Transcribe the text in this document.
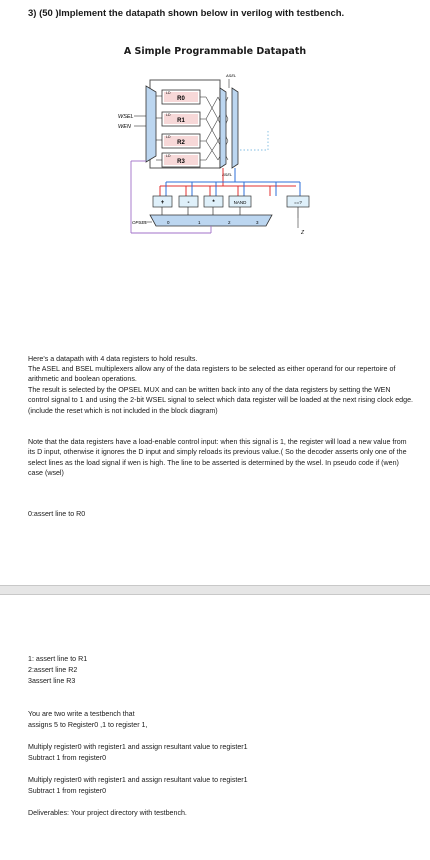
3) (50 )Implement the datapath shown below in verilog with testbench.
A Simple Programmable Datapath
R0
LD
R1
LD
R2
LD
R3
LD
WSEL
WEN
ASEL
BSEL
+	-	*	NAND	==?
0	1	2	3
OPSEL
Z

Here's a datapath with 4 data registers to hold results.

The ASEL and BSEL multiplexers allow any of the data registers to be selected as either operand for our repertoire of arithmetic and boolean operations.

The result is selected by the OPSEL MUX and can be written back into any of the data registers by setting the WEN control signal to 1 and using the 2-bit WSEL signal to select which data register will be loaded at the next rising clock edge.(include the reset which is not included in the block diagram)

Note that the data registers have a load-enable control input: when this signal is 1, the register will load a new value from its D input, otherwise it ignores the D input and simply reloads its previous value.( So the decoder asserts only one of the select lines as the load signal if wen is high. The line to be asserted is determined by the wsel. In pseudo code if (wen) case (wsel)

0:assert line to R0

1: assert line to R1
2:assert line R2
3assert line R3
You are two write a testbench that
assigns 5 to Register0 ,1 to register 1,

Multiply register0 with register1 and assign resultant value to register1
Subtract 1 from register0

Multiply register0 with register1 and assign resultant value to register1
Subtract 1 from register0

Deliverables: Your project directory with testbench.
